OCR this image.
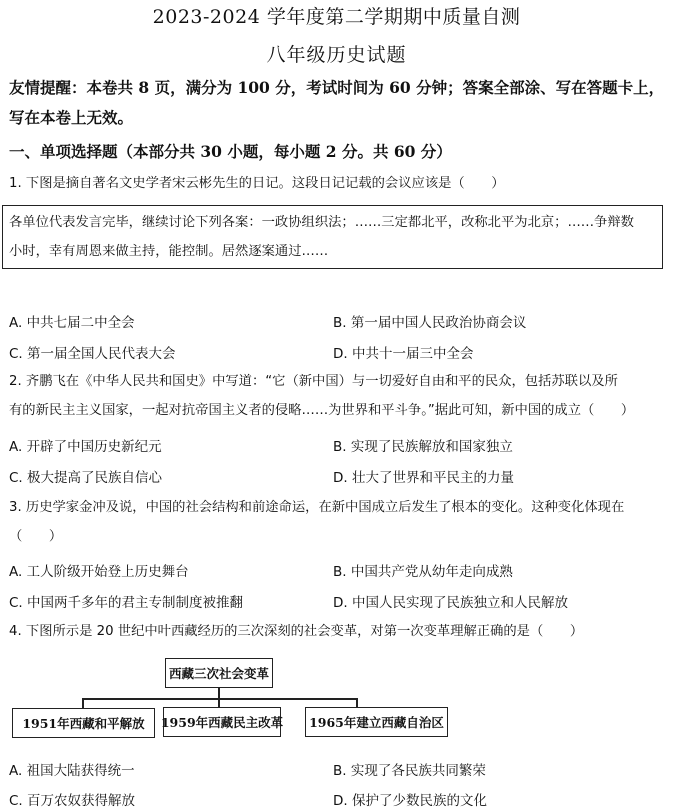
2023-2024 学年度第二学期期中质量自测
八年级历史试题
友情提醒：本卷共 8 页，满分为 100 分，考试时间为 60 分钟；答案全部涂、写在答题卡上，
写在本卷上无效。
一、单项选择题（本部分共 30 小题，每小题 2 分。共 60 分）
1. 下图是摘自著名文史学者宋云彬先生的日记。这段日记记载的会议应该是（　　）
各单位代表发言完毕，继续讨论下列各案：一政协组织法；……三定都北平，改称北平为北京；……争辩数
小时，幸有周恩来做主持，能控制。居然逐案通过……
A. 中共七届二中全会	B. 第一届中国人民政治协商会议
C. 第一届全国人民代表大会	D. 中共十一届三中全会
2. 齐鹏飞在《中华人民共和国史》中写道：“它（新中国）与一切爱好自由和平的民众，包括苏联以及所
有的新民主主义国家，一起对抗帝国主义者的侵略……为世界和平斗争。”据此可知，新中国的成立（　　）
A. 开辟了中国历史新纪元	B. 实现了民族解放和国家独立
C. 极大提高了民族自信心	D. 壮大了世界和平民主的力量
3. 历史学家金冲及说，中国的社会结构和前途命运，在新中国成立后发生了根本的变化。这种变化体现在
（　　）
A. 工人阶级开始登上历史舞台	B. 中国共产党从幼年走向成熟
C. 中国两千多年的君主专制制度被推翻	D. 中国人民实现了民族独立和人民解放
4. 下图所示是 20 世纪中叶西藏经历的三次深刻的社会变革，对第一次变革理解正确的是（　　）
西藏三次社会变革
1951年西藏和平解放	1959年西藏民主改革	1965年建立西藏自治区
A. 祖国大陆获得统一	B. 实现了各民族共同繁荣
C. 百万农奴获得解放	D. 保护了少数民族的文化
